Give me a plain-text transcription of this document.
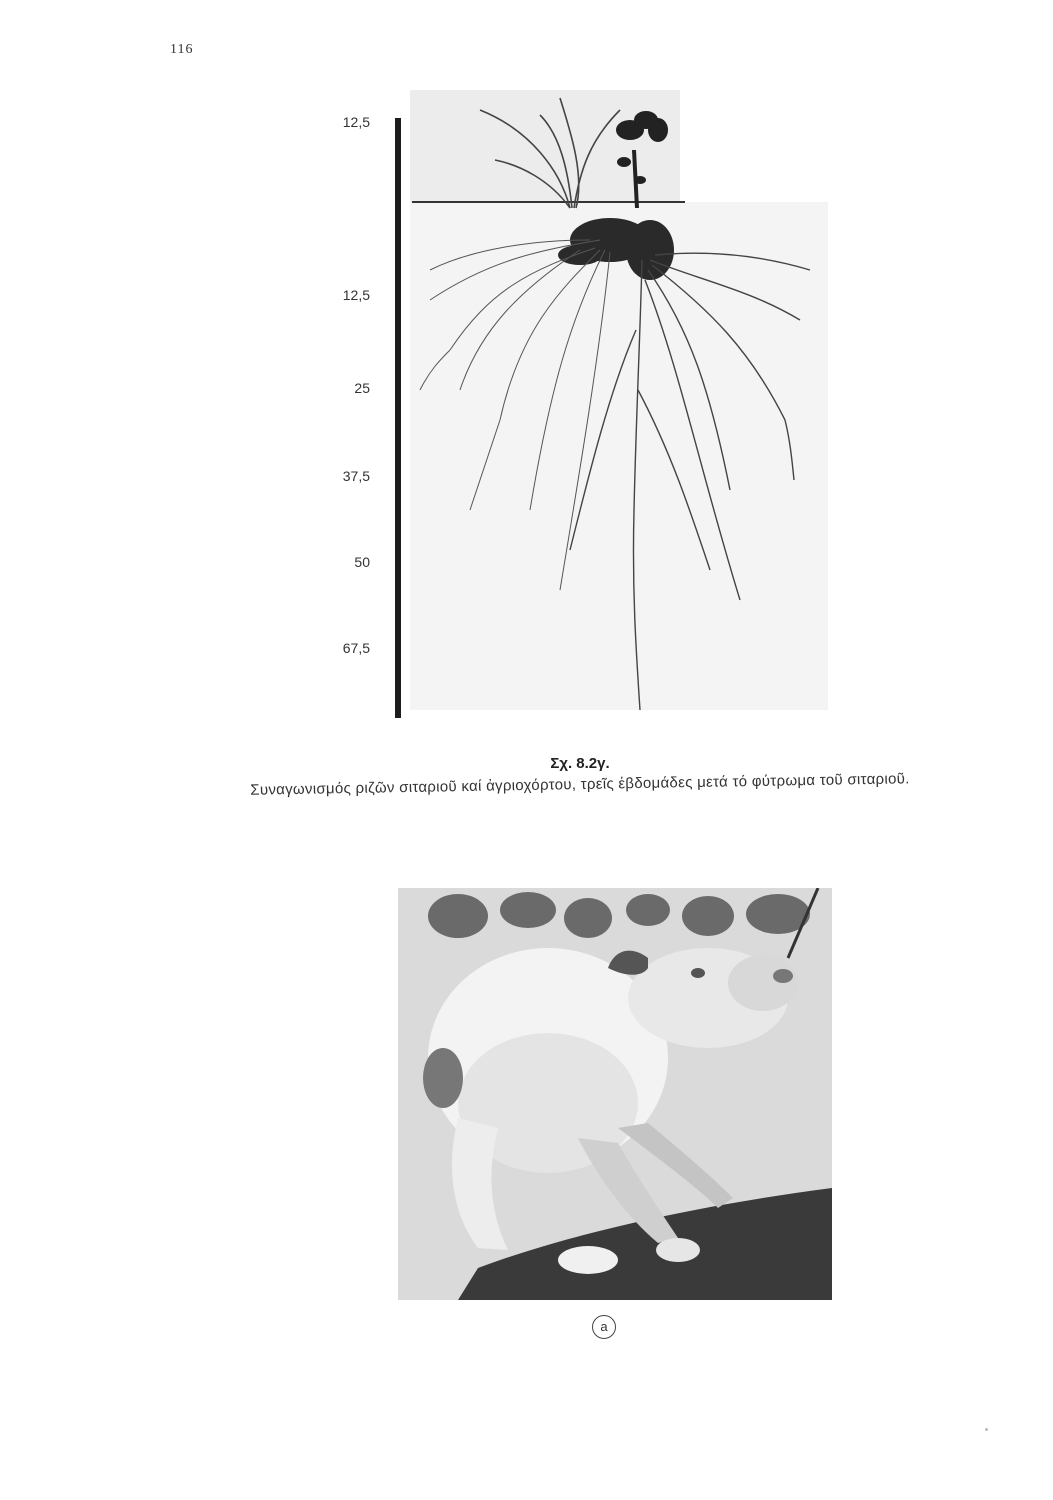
116
12,5
12,5
25
37,5
50
67,5
Σχ. 8.2γ.
Συναγωνισμός ριζῶν σιταριοῦ καί ἀγριοχόρτου, τρεῖς ἑβδομάδες μετά τό φύτρωμα τοῦ σιταριοῦ.
a
